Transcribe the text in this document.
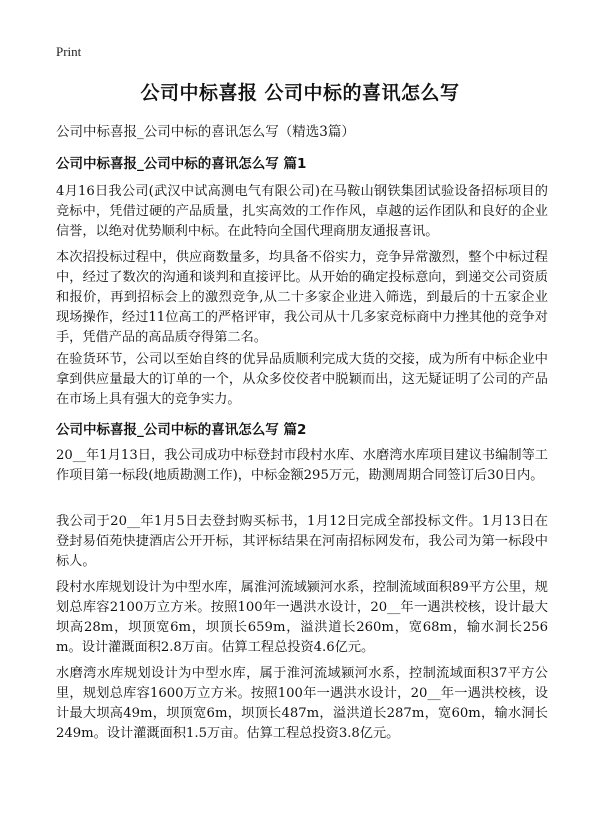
Print
公司中标喜报 公司中标的喜讯怎么写
公司中标喜报_公司中标的喜讯怎么写（精选3篇）
公司中标喜报_公司中标的喜讯怎么写 篇1

4月16日我公司(武汉中试高测电气有限公司)在马鞍山钢铁集团试验设备招标项目的竞标中，凭借过硬的产品质量，扎实高效的工作作风，卓越的运作团队和良好的企业信誉，以绝对优势顺利中标。在此特向全国代理商朋友通报喜讯。

本次招投标过程中，供应商数量多，均具备不俗实力，竞争异常激烈，整个中标过程中，经过了数次的沟通和谈判和直接评比。从开始的确定投标意向，到递交公司资质和报价，再到招标会上的激烈竞争,从二十多家企业进入筛选，到最后的十五家企业现场操作，经过11位高工的严格评审，我公司从十几多家竞标商中力挫其他的竞争对手，凭借产品的高品质夺得第二名。

在验货环节，公司以至始自终的优异品质顺利完成大货的交接，成为所有中标企业中拿到供应量最大的订单的一个，从众多佼佼者中脱颖而出，这无疑证明了公司的产品在市场上具有强大的竞争实力。

公司中标喜报_公司中标的喜讯怎么写 篇2

20__年1月13日，我公司成功中标登封市段村水库、水磨湾水库项目建议书编制等工作项目第一标段(地质勘测工作)，中标金额295万元，勘测周期合同签订后30日内。

我公司于20__年1月5日去登封购买标书，1月12日完成全部投标文件。1月13日在登封易佰苑快捷酒店公开开标，其评标结果在河南招标网发布，我公司为第一标段中标人。

段村水库规划设计为中型水库，属淮河流域颍河水系，控制流域面积89平方公里，规划总库容2100万立方米。按照100年一遇洪水设计，20__年一遇洪校核，设计最大坝高28m，坝顶宽6m，坝顶长659m，溢洪道长260m，宽68m，输水洞长256m。设计灌溉面积2.8万亩。估算工程总投资4.6亿元。

水磨湾水库规划设计为中型水库，属于淮河流域颍河水系，控制流域面积37平方公里，规划总库容1600万立方米。按照100年一遇洪水设计，20__年一遇洪校核，设计最大坝高49m，坝顶宽6m，坝顶长487m，溢洪道长287m，宽60m，输水洞长249m。设计灌溉面积1.5万亩。估算工程总投资3.8亿元。
